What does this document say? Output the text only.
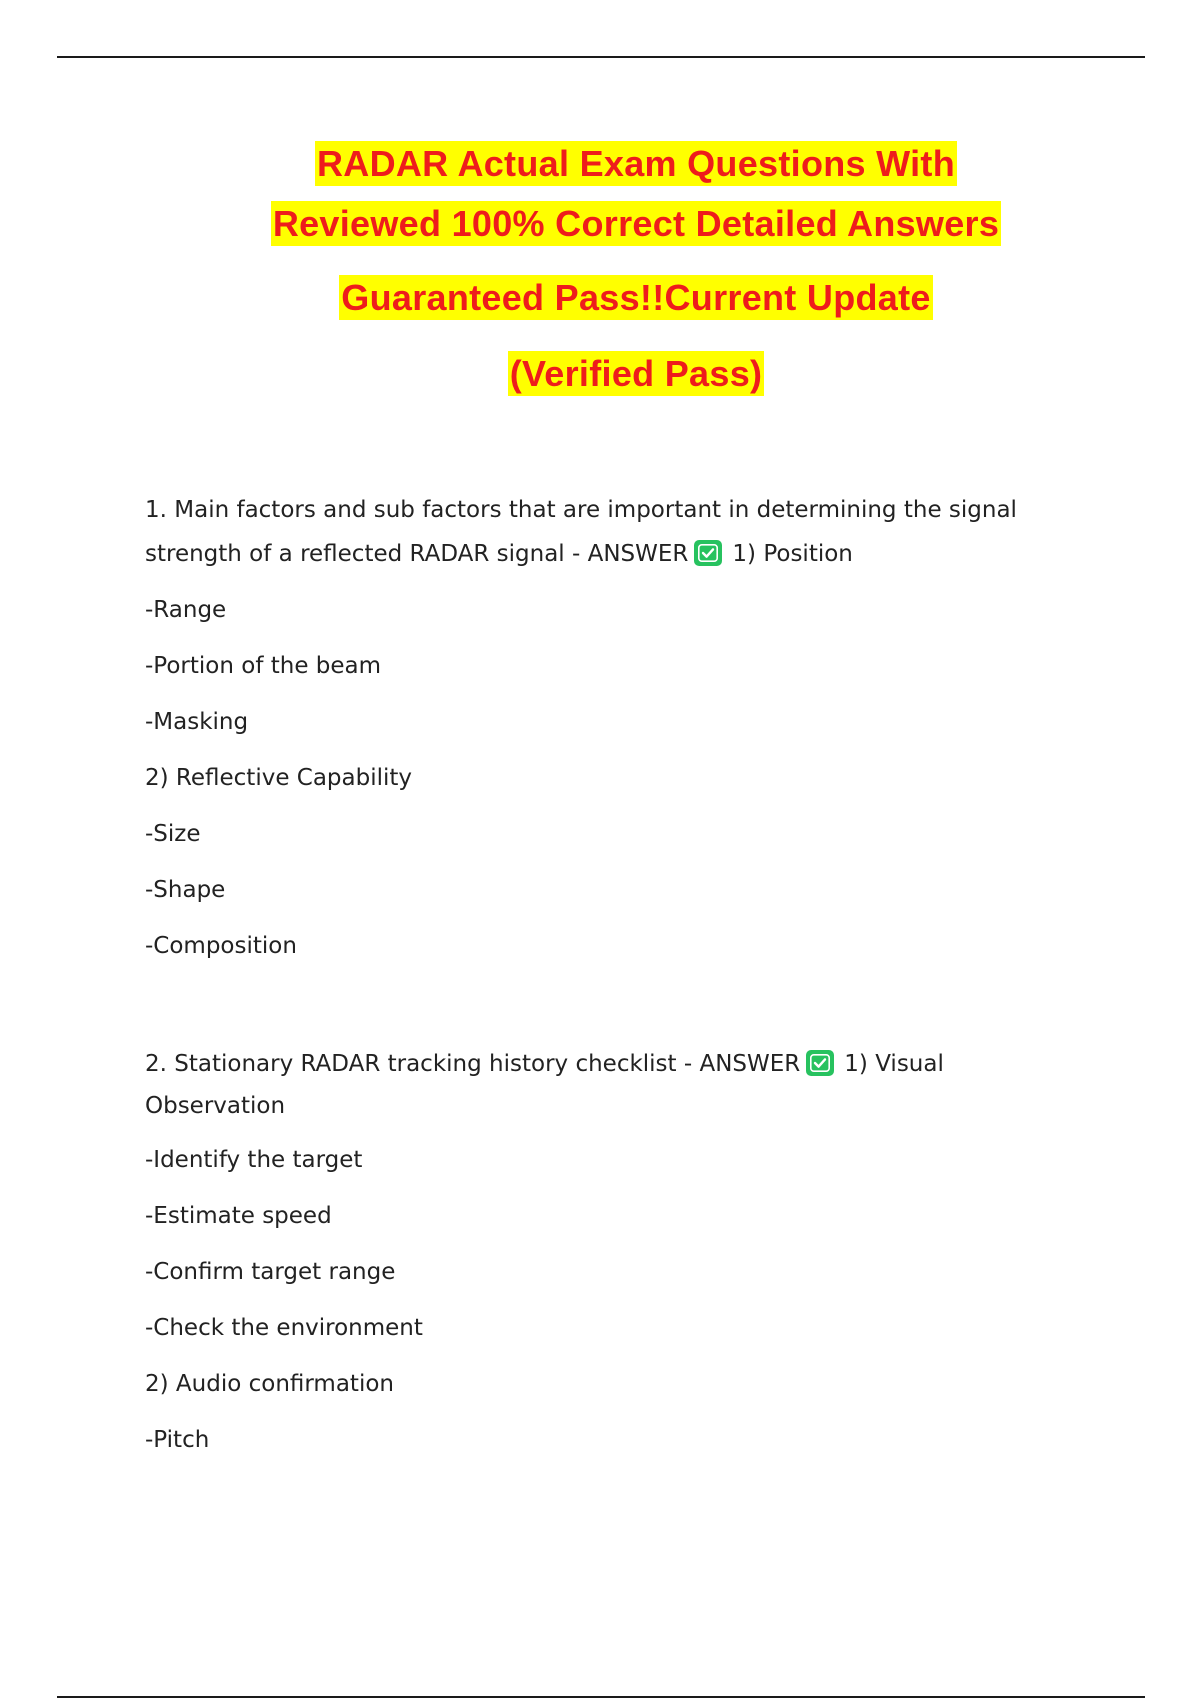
RADAR Actual Exam Questions With
Reviewed 100% Correct Detailed Answers
Guaranteed Pass!!Current Update
(Verified Pass)
1. Main factors and sub factors that are important in determining the signal
strength of a reflected RADAR signal - ANSWER 1) Position
-Range
-Portion of the beam
-Masking
2) Reflective Capability
-Size
-Shape
-Composition
2. Stationary RADAR tracking history checklist - ANSWER 1) Visual
Observation
-Identify the target
-Estimate speed
-Confirm target range
-Check the environment
2) Audio confirmation
-Pitch
